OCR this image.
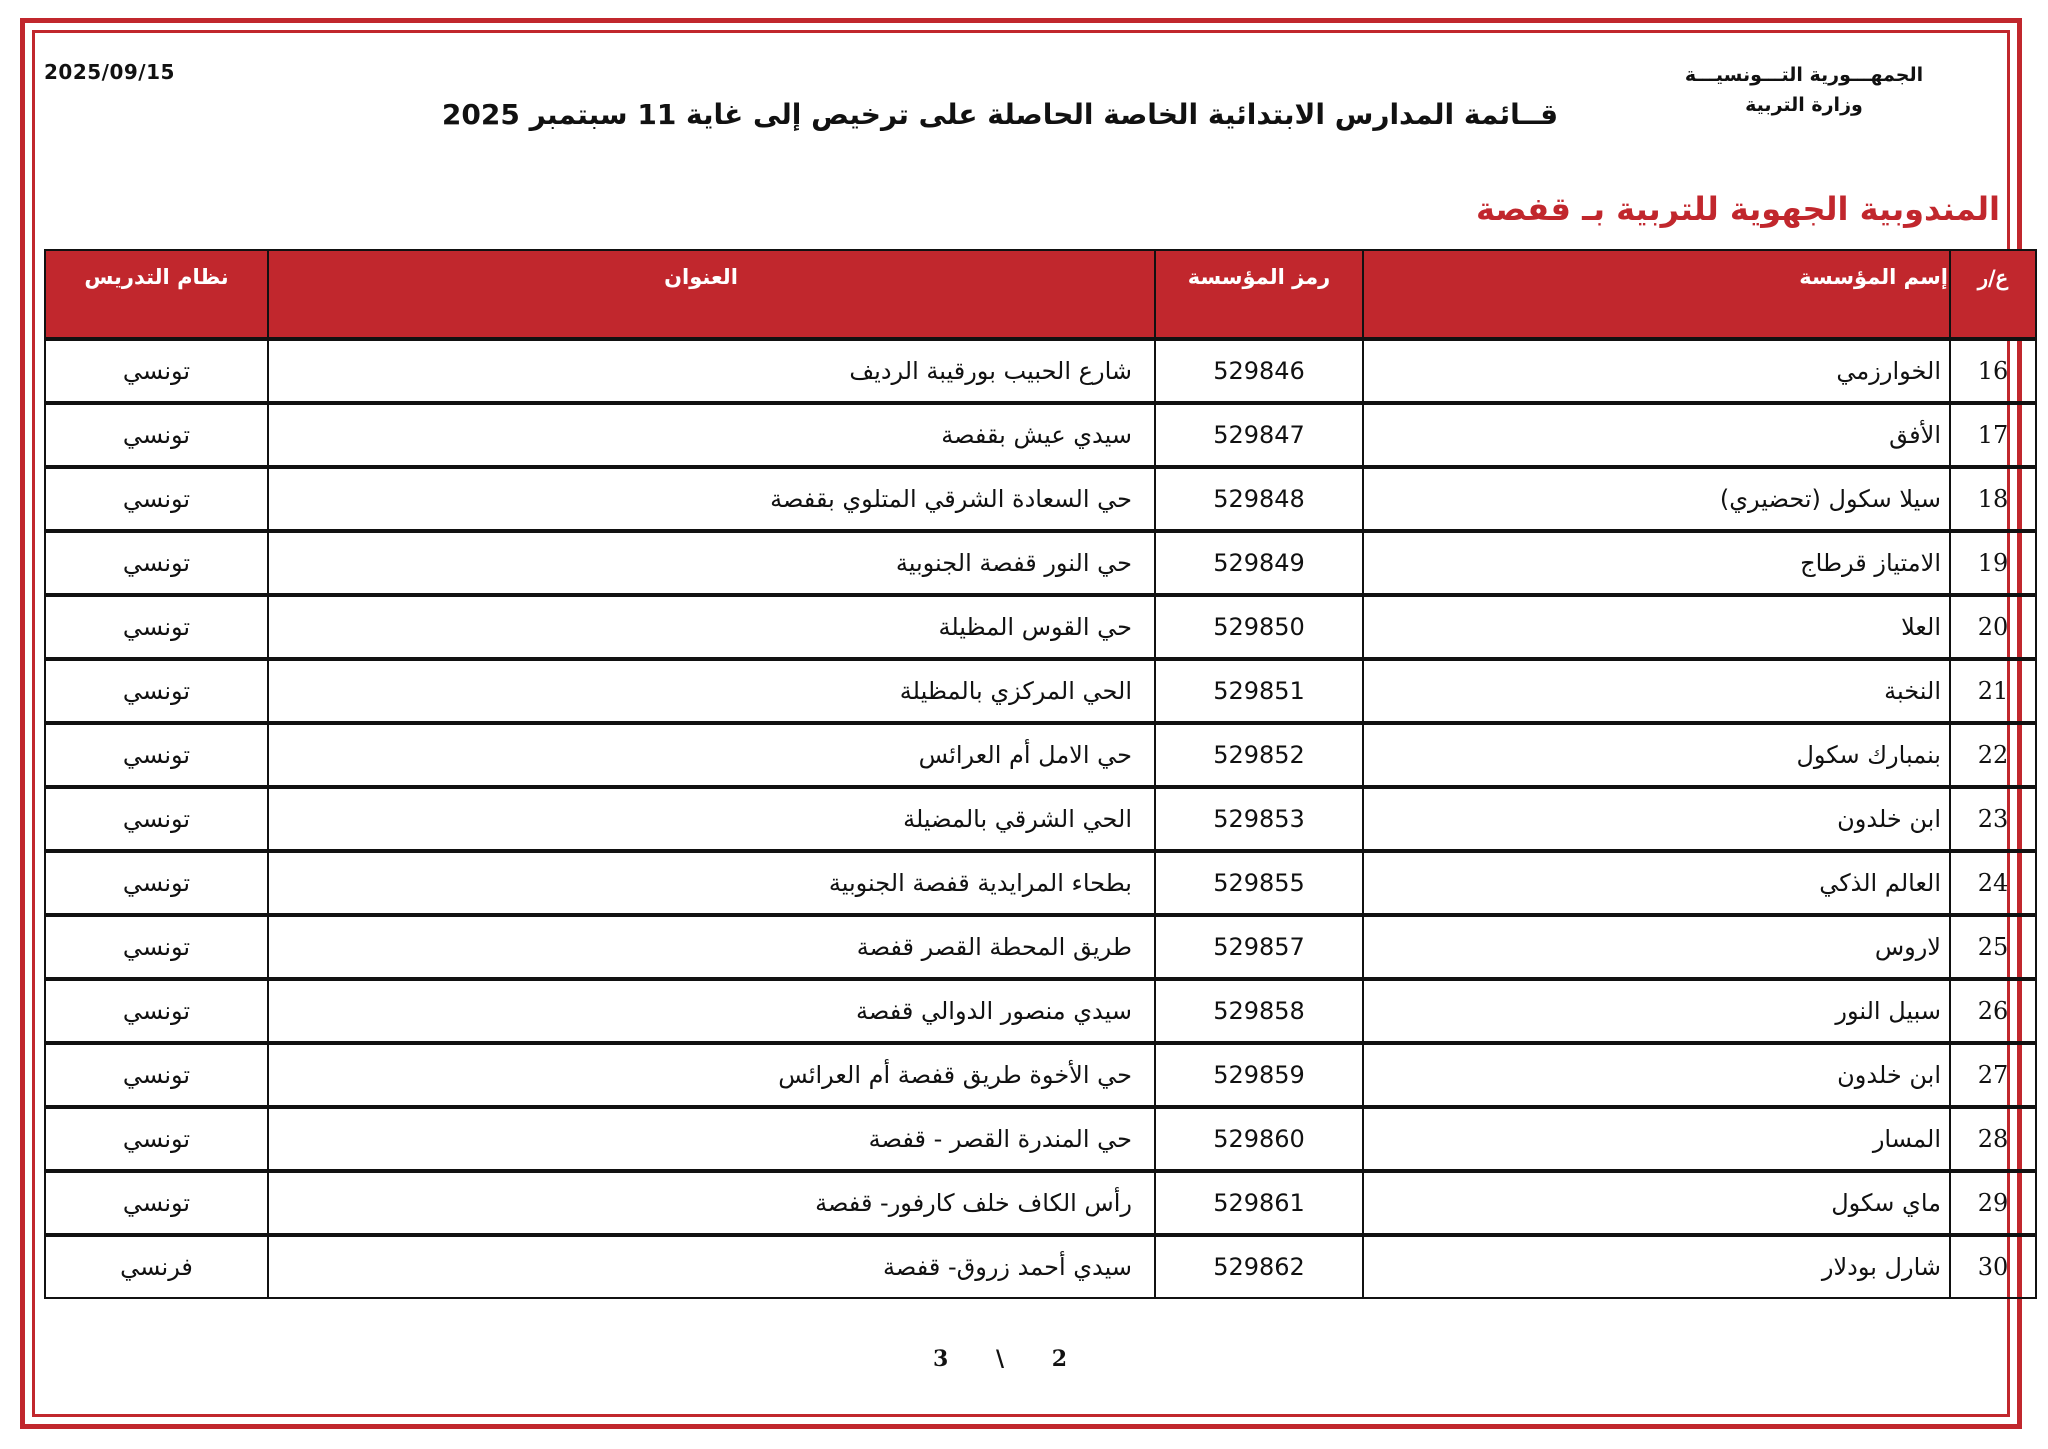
2025/09/15	الجمهـــورية التـــونسيـــة
وزارة التربية
قــائمة المدارس الابتدائية الخاصة الحاصلة على ترخيص إلى غاية 11 سبتمبر 2025
المندوبية الجهوية للتربية بـ قفصة
ع/ر	إسم المؤسسة	رمز المؤسسة	العنوان	نظام التدريس
16	الخوارزمي	529846	شارع الحبيب بورقيبة الرديف	تونسي
17	الأفق	529847	سيدي عيش بقفصة	تونسي
18	سيلا سكول (تحضيري)	529848	حي السعادة الشرقي المتلوي بقفصة	تونسي
19	الامتياز قرطاج	529849	حي النور قفصة الجنوبية	تونسي
20	العلا	529850	حي القوس المظيلة	تونسي
21	النخبة	529851	الحي المركزي بالمظيلة	تونسي
22	بنمبارك سكول	529852	حي الامل أم العرائس	تونسي
23	ابن خلدون	529853	الحي الشرقي بالمضيلة	تونسي
24	العالم الذكي	529855	بطحاء المرايدية قفصة الجنوبية	تونسي
25	لاروس	529857	طريق المحطة القصر قفصة	تونسي
26	سبيل النور	529858	سيدي منصور الدوالي قفصة	تونسي
27	ابن خلدون	529859	حي الأخوة طريق قفصة أم العرائس	تونسي
28	المسار	529860	حي المندرة القصر - قفصة	تونسي
29	ماي سكول	529861	رأس الكاف خلف كارفور- قفصة	تونسي
30	شارل بودلار	529862	سيدي أحمد زروق- قفصة	فرنسي
2 \ 3
